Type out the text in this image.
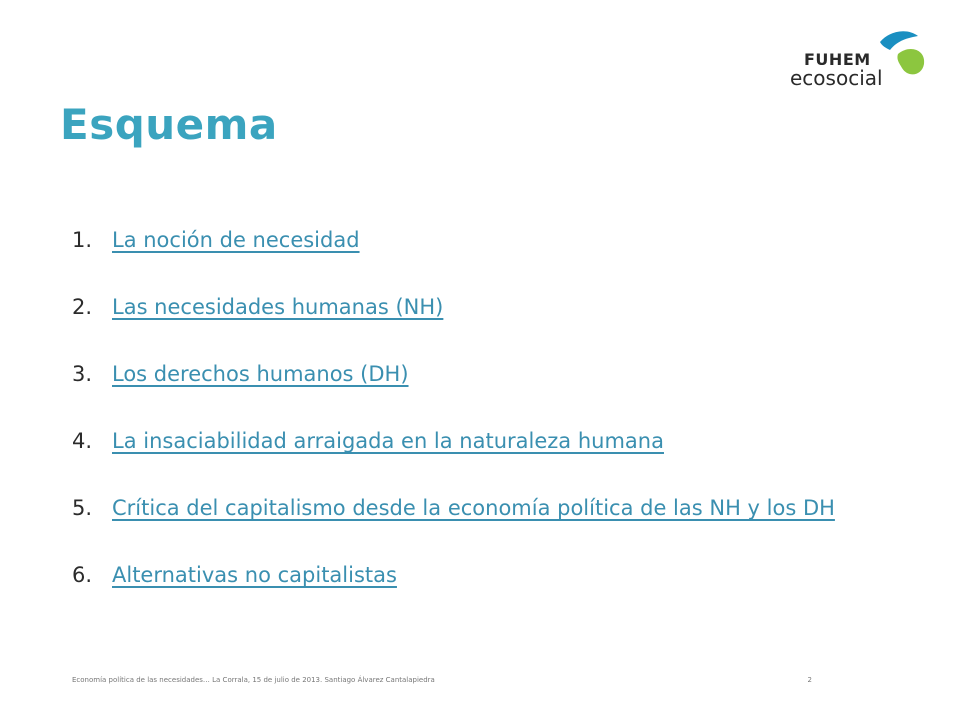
Esquema
FUHEM
ecosocial
1. La noción de necesidad
2. Las necesidades humanas (NH)
3. Los derechos humanos (DH)
4. La insaciabilidad arraigada en la naturaleza humana
5. Crítica del capitalismo desde la economía política de las NH y los DH
6. Alternativas no capitalistas
Economía política de las necesidades… La Corrala, 15 de julio de 2013. Santiago Álvarez Cantalapiedra	2
